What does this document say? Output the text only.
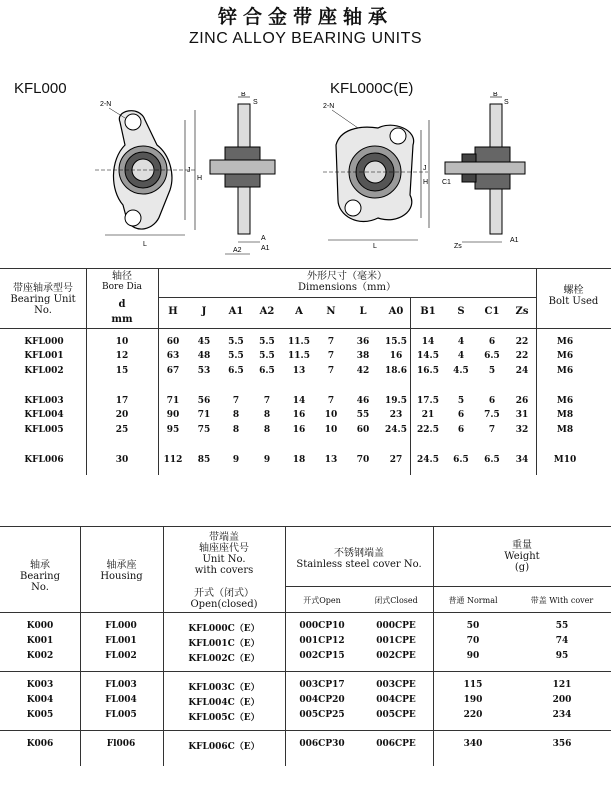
锌合金带座轴承
ZINC ALLOY BEARING UNITS
KFL000	KFL000C(E)
2-N
L
J
H
B
S
A
A1
A2
2-N
L
J
H
B
S
C1
Zs
A1
带座轴承型号
Bearing Unit No.
轴径
Bore Dia
d
mm
外形尺寸（毫米）
Dimensions（mm）	螺栓
Bolt Used
H	J	A1	A2	A	N	L	A0	B1	S	C1	Zs
KFL000	10	60	45	5.5	5.5	11.5	7	36	15.5	14	4	6	22	M6
KFL001	12	63	48	5.5	5.5	11.5	7	38	16	14.5	4	6.5	22	M6
KFL002	15	67	53	6.5	6.5	13	7	42	18.6	16.5	4.5	5	24	M6
KFL003	17	71	56	7	7	14	7	46	19.5	17.5	5	6	26	M6
KFL004	20	90	71	8	8	16	10	55	23	21	6	7.5	31	M8
KFL005	25	95	75	8	8	16	10	60	24.5	22.5	6	7	32	M8
KFL006	30	112	85	9	9	18	13	70	27	24.5	6.5	6.5	34	M10
轴承
Bearing
No.
轴承座
Housing
带端盖
轴座座代号
Unit No.
with covers
开式（闭式）
Open(closed)
不锈钢端盖
Stainless steel cover No.
开式Open	闭式Closed
重量
Weight
(g)
普通 Normal	带盖 With cover
K000	FL000	KFL000C（E）	000CP10	000CPE	50	55
K001	FL001	KFL001C（E）	001CP12	001CPE	70	74
K002	FL002	KFL002C（E）	002CP15	002CPE	90	95
K003	FL003	KFL003C（E）	003CP17	003CPE	115	121
K004	FL004	KFL004C（E）	004CP20	004CPE	190	200
K005	FL005	KFL005C（E）	005CP25	005CPE	220	234
K006	Fl006	KFL006C（E）	006CP30	006CPE	340	356
